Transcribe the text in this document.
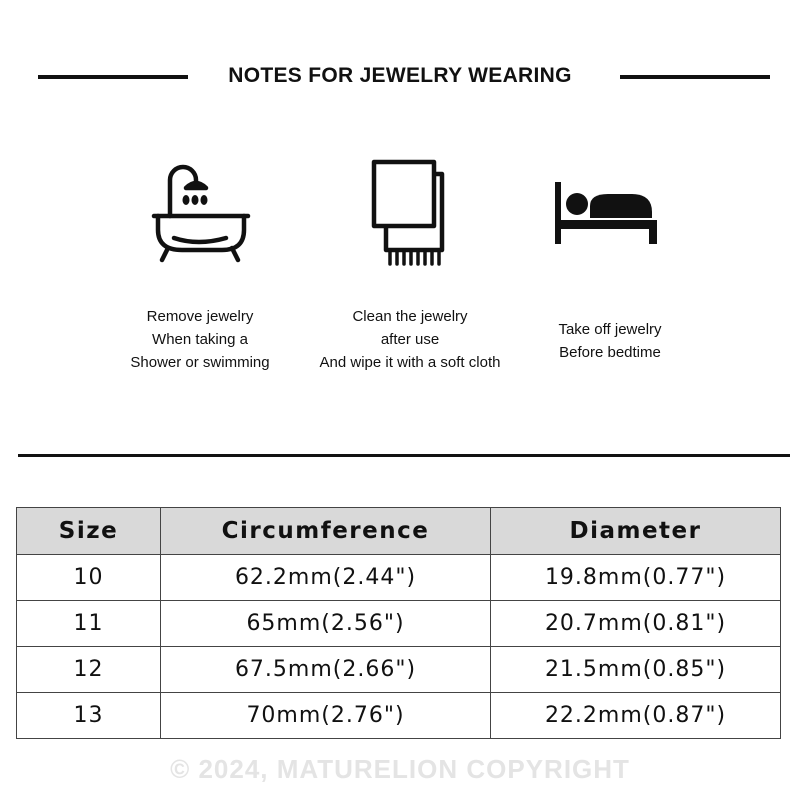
NOTES FOR JEWELRY WEARING
Remove jewelry
When taking a
Shower or swimming
Clean the jewelry
after use
And wipe it with a soft cloth
Take off jewelry
Before bedtime
Size	Circumference	Diameter
10	62.2mm(2.44")	19.8mm(0.77")
11	65mm(2.56")	20.7mm(0.81")
12	67.5mm(2.66")	21.5mm(0.85")
13	70mm(2.76")	22.2mm(0.87")
© 2024, MATURELION COPYRIGHT
